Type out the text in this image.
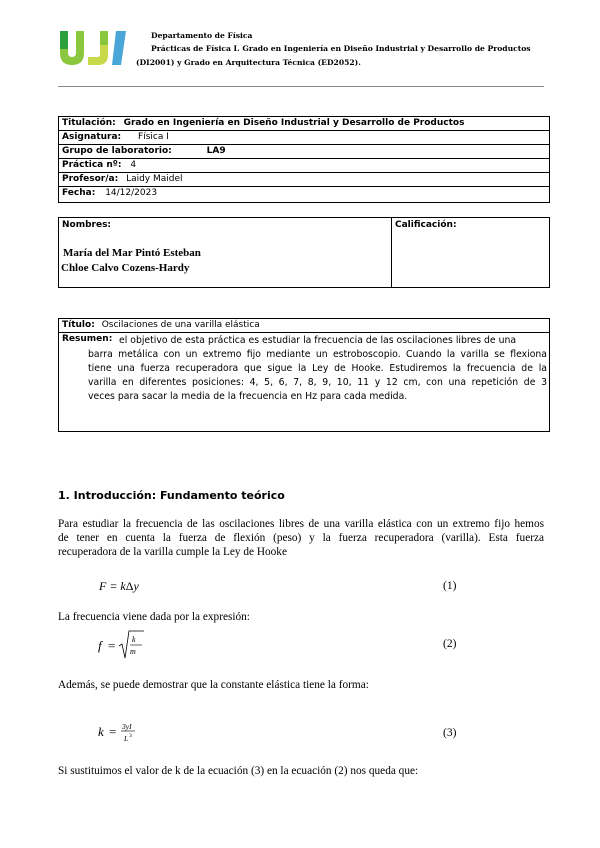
Departamento de Física
Prácticas de Física I. Grado en Ingeniería en Diseño Industrial y Desarrollo de Productos
(DI2001) y Grado en Arquitectura Técnica (ED2052).
Titulación: Grado en Ingeniería en Diseño Industrial y Desarrollo de Productos
Asignatura: Física I
Grupo de laboratorio:	LA9
Práctica nº: 4
Profesor/a: Laidy Maidel
Fecha: 14/12/2023
Nombres:
María del Mar Pintó Esteban
Chloe Calvo Cozens-Hardy
Calificación:
Título: Oscilaciones de una varilla elástica
Resumen: el objetivo de esta práctica es estudiar la frecuencia de las oscilaciones libres de una
barra metálica con un extremo fijo mediante un estroboscopio. Cuando la varilla se flexiona
tiene una fuerza recuperadora que sigue la Ley de Hooke. Estudiremos la frecuencia de la
varilla en diferentes posiciones: 4, 5, 6, 7, 8, 9, 10, 11 y 12 cm, con una repetición de 3
veces para sacar la media de la frecuencia en Hz para cada medida.
1. Introducción: Fundamento teórico
Para estudiar la frecuencia de las oscilaciones libres de una varilla elástica con un extremo fijo hemos
de tener en cuenta la fuerza de flexión (peso) y la fuerza recuperadora (varilla). Esta fuerza
recuperadora de la varilla cumple la Ley de Hooke
F = kΔy	(1)
La frecuencia viene dada por la expresión:
f = k
m
(2)
Además, se puede demostrar que la constante elástica tiene la forma:
k = 3yI
L 3	(3)
Si sustituimos el valor de k de la ecuación (3) en la ecuación (2) nos queda que:
